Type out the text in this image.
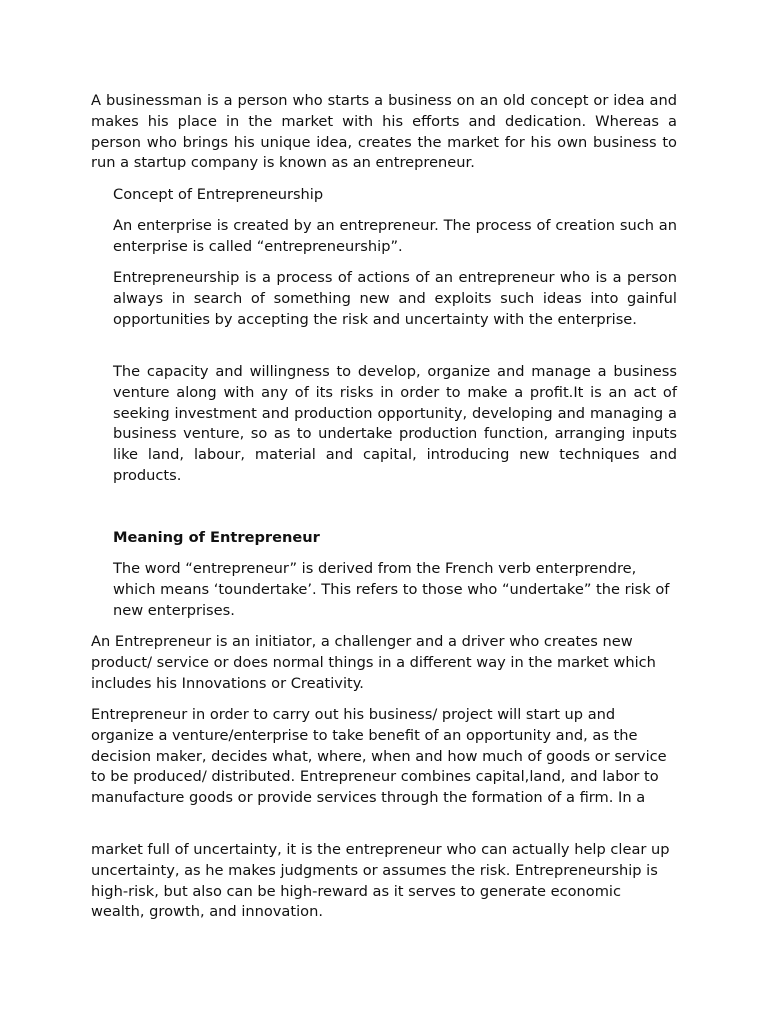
A businessman is a person who starts a business on an old concept or idea and makes his place in the market with his efforts and dedication. Whereas a person who brings his unique idea, creates the market for his own business to run a startup company is known as an entrepreneur.

Concept of Entrepreneurship

An enterprise is created by an entrepreneur. The process of creation such an enterprise is called “entrepreneurship”.

Entrepreneurship is a process of actions of an entrepreneur who is a person always in search of something new and exploits such ideas into gainful opportunities by accepting the risk and uncertainty with the enterprise.

The capacity and willingness to develop, organize and manage a business venture along with any of its risks in order to make a profit.It is an act of seeking investment and production opportunity, developing and managing a business venture, so as to undertake production function, arranging inputs like land, labour, material and capital, introducing new techniques and products.

Meaning of Entrepreneur

The word “entrepreneur” is derived from the French verb enterprendre, which means ‘toundertake’. This refers to those who “undertake” the risk of new enterprises.

An Entrepreneur is an initiator, a challenger and a driver who creates new product/ service or does normal things in a different way in the market which includes his Innovations or Creativity.

Entrepreneur in order to carry out his business/ project will start up and organize a venture/enterprise to take benefit of an opportunity and, as the decision maker, decides what, where, when and how much of goods or service to be produced/ distributed. Entrepreneur combines capital,land, and labor to manufacture goods or provide services through the formation of a firm. In a

market full of uncertainty, it is the entrepreneur who can actually help clear up uncertainty, as he makes judgments or assumes the risk. Entrepreneurship is high-risk, but also can be high-reward as it serves to generate economic wealth, growth, and innovation.
